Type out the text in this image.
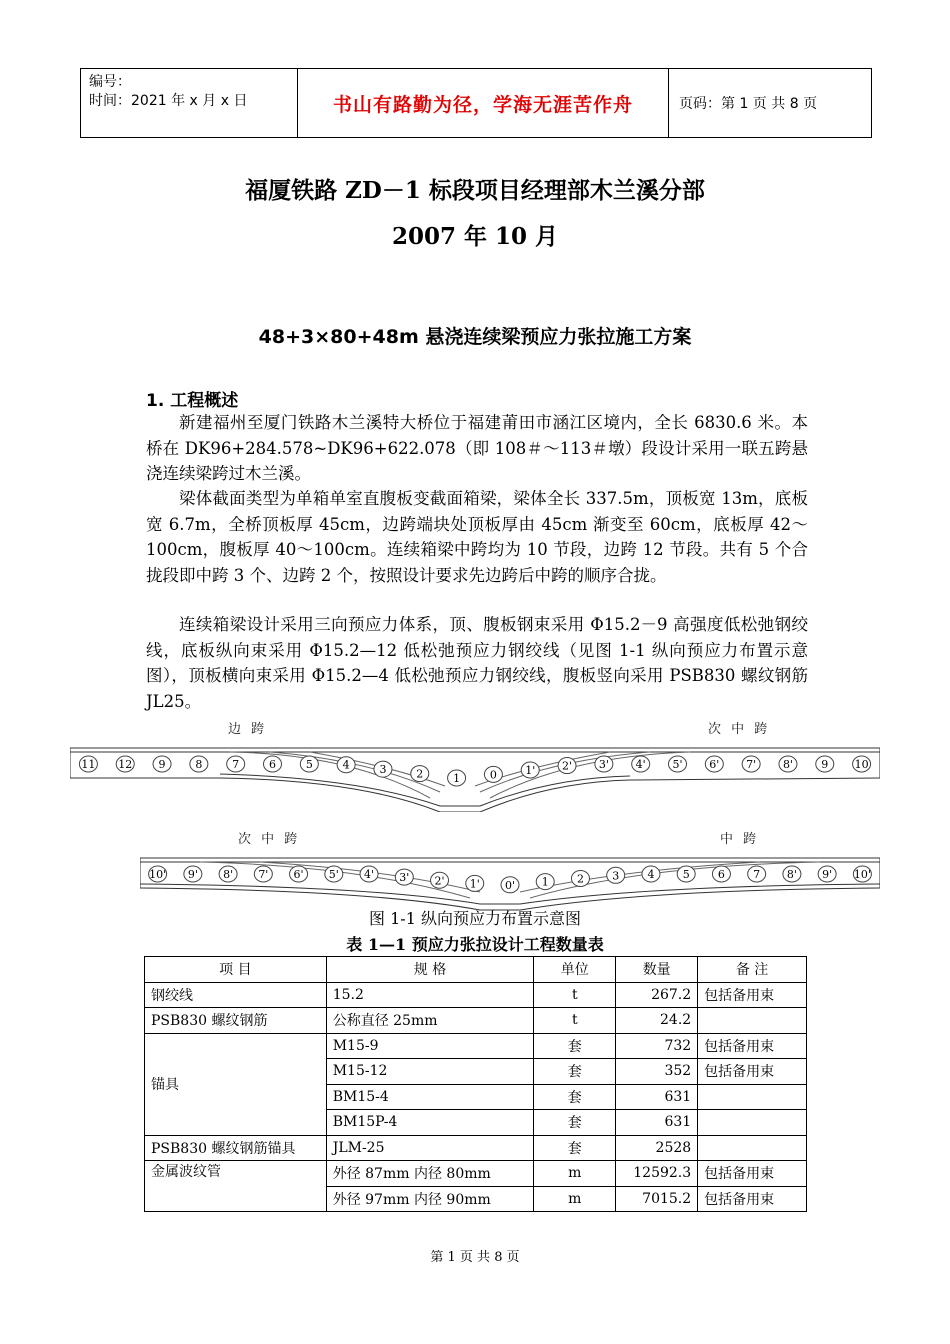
编号：
时间：2021 年 x 月 x 日	书山有路勤为径，学海无涯苦作舟	页码：第 1 页 共 8 页
福厦铁路 ZD－1 标段项目经理部木兰溪分部
2007 年 10 月
48+3×80+48m 悬浇连续梁预应力张拉施工方案
1. 工程概述
新建福州至厦门铁路木兰溪特大桥位于福建莆田市涵江区境内，全长 6830.6 米。本桥在 DK96+284.578~DK96+622.078（即 108＃～113＃墩）段设计采用一联五跨悬浇连续梁跨过木兰溪。
梁体截面类型为单箱单室直腹板变截面箱梁，梁体全长 337.5m，顶板宽 13m，底板宽 6.7m，全桥顶板厚 45cm，边跨端块处顶板厚由 45cm 渐变至 60cm，底板厚 42～100cm，腹板厚 40～100cm。连续箱梁中跨均为 10 节段，边跨 12 节段。共有 5 个合拢段即中跨 3 个、边跨 2 个，按照设计要求先边跨后中跨的顺序合拢。
连续箱梁设计采用三向预应力体系，顶、腹板钢束采用 Φ15.2－9 高强度低松弛钢绞线，底板纵向束采用 Φ15.2—12 低松弛预应力钢绞线（见图 1-1 纵向预应力布置示意图），顶板横向束采用 Φ15.2—4 低松弛预应力钢绞线，腹板竖向采用 PSB830 螺纹钢筋 JL25。
边 跨	次 中 跨
次 中 跨	中 跨
11 12 9	8	7	6	5	4	3	2	1	0	1' 2' 3' 4' 5' 6' 7' 8'	9 10
10' 9' 8' 7' 6' 5' 4' 3' 2' 1' 0' 1	2	3	4	5	6	7 8' 9' 10'
图 1-1 纵向预应力布置示意图
表 1—1 预应力张拉设计工程数量表
项 目	规 格	单位	数量	备 注
钢绞线	15.2	t	267.2	包括备用束
PSB830 螺纹钢筋	公称直径 25mm	t	24.2	
锚具	M15-9	套	732	包括备用束
	M15-12	套	352	包括备用束
	BM15-4	套	631	
	BM15P-4	套	631	
PSB830 螺纹钢筋锚具	JLM-25	套	2528	
金属波纹管	外径 87mm 内径 80mm	m	12592.3	包括备用束
	外径 97mm 内径 90mm	m	7015.2	包括备用束
第 1 页 共 8 页
